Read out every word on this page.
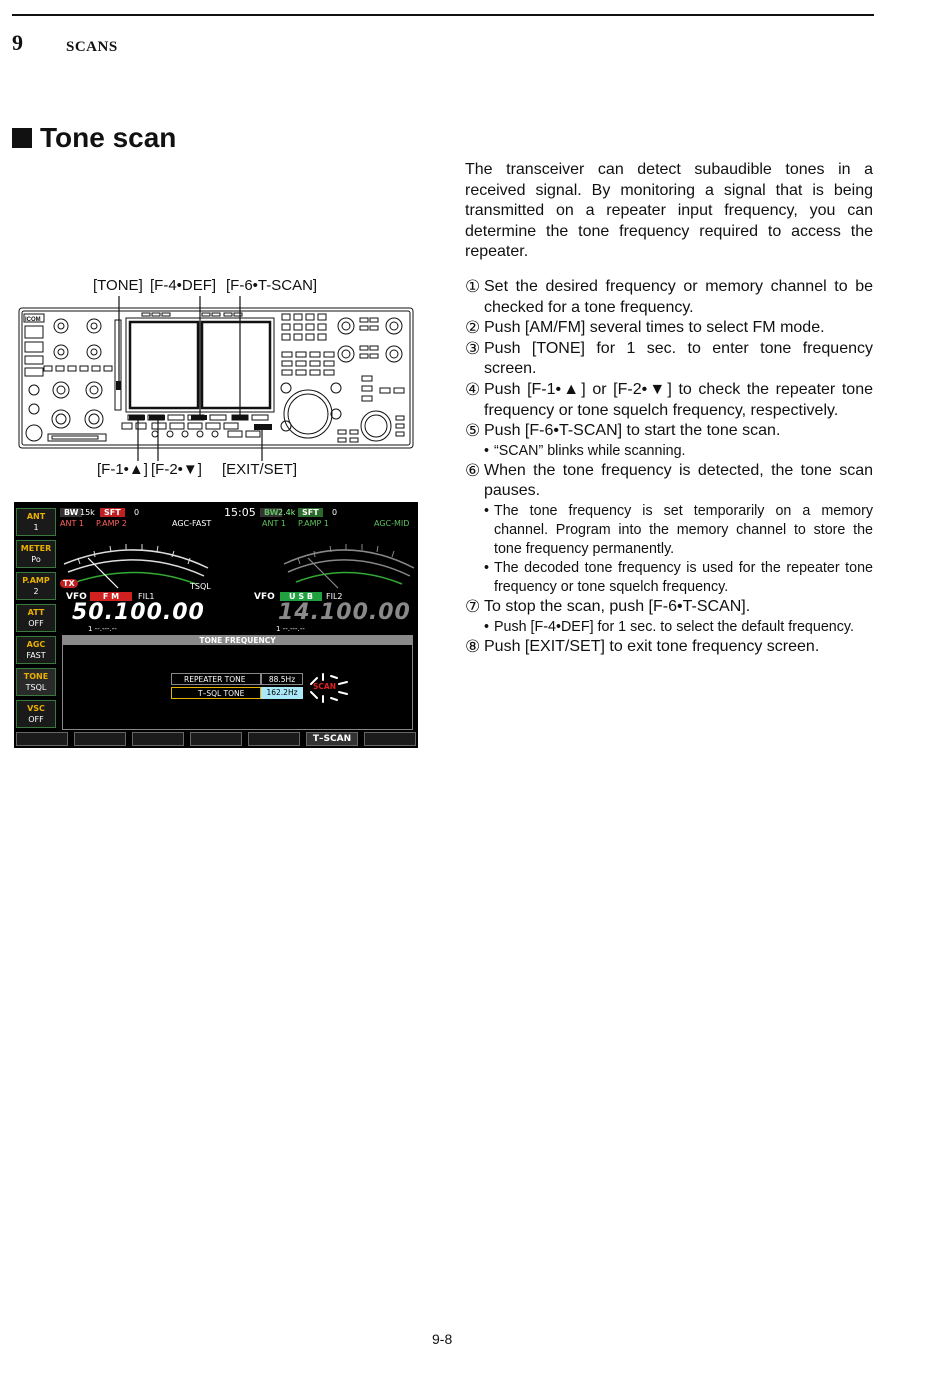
9	SCANS
Tone scan

The transceiver can detect subaudible tones in a received signal. By monitoring a signal that is being transmitted on a repeater input frequency, you can determine the tone frequency required to access the repeater.

① Set the desired frequency or memory channel to be checked for a tone frequency.
② Push [AM/FM] several times to select FM mode.
③ Push [TONE] for 1 sec. to enter tone frequency screen.
④ Push [F-1•▲] or [F-2•▼] to check the repeater tone frequency or tone squelch frequency, respectively.
⑤ Push [F-6•T-SCAN] to start the tone scan.
• “SCAN” blinks while scanning.
⑥ When the tone frequency is detected, the tone scan pauses.
• The tone frequency is set temporarily on a memory channel. Program into the memory channel to store the tone frequency permanently.
• The decoded tone frequency is used for the repeater tone frequency or tone squelch frequency.
⑦ To stop the scan, push [F-6•T-SCAN].
• Push [F-4•DEF] for 1 sec. to select the default frequency.
⑧ Push [EXIT/SET] to exit tone frequency screen.
[TONE] [F-4•DEF] [F-6•T-SCAN]
[F-1•▲] [F-2•▼] [EXIT/SET]
ICOM
ANT
1
METER
Po
P.AMP
2
ATT
OFF
AGC
FAST
TONE
TSQL
VSC
OFF
BW 15k	SFT	0	15:05
ANT 1 P.AMP 2	AGC-FAST
BW 2.4k SFT	0
ANT 1 P.AMP 1	AGC-MID
TX	TSQL
VFO	F M	FIL1
50.100.00
1 --.---.--
VFO	U S B	FIL2
14.100.00
1 --.---.--
TONE FREQUENCY
REPEATER TONE	88.5Hz
T–SQL TONE	162.2Hz
SCAN
T–SCAN
9-8
